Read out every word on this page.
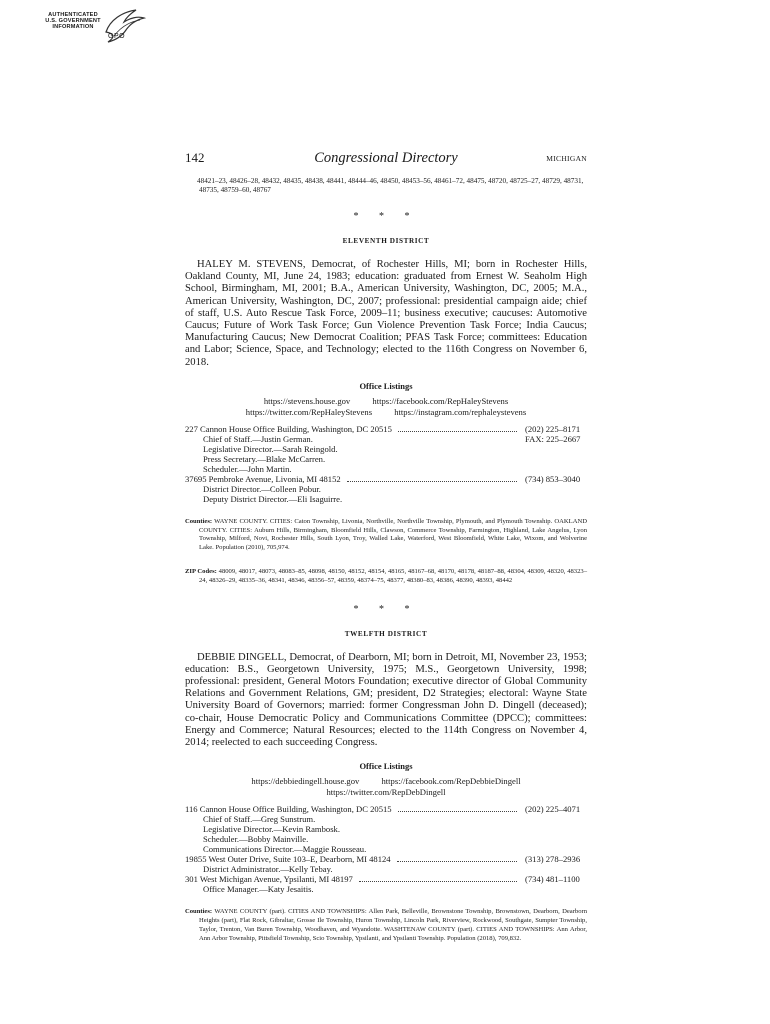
AUTHENTICATED
U.S. GOVERNMENT
INFORMATION
GPO
142	Congressional Directory	MICHIGAN
48421–23, 48426–28, 48432, 48435, 48438, 48441, 48444–46, 48450, 48453–56, 48461–72, 48475, 48720, 48725–27, 48729, 48731, 48735, 48759–60, 48767
* * *
ELEVENTH DISTRICT
HALEY M. STEVENS, Democrat, of Rochester Hills, MI; born in Rochester Hills, Oakland County, MI, June 24, 1983; education: graduated from Ernest W. Seaholm High School, Birmingham, MI, 2001; B.A., American University, Washington, DC, 2005; M.A., American University, Washington, DC, 2007; professional: presidential campaign aide; chief of staff, U.S. Auto Rescue Task Force, 2009–11; business executive; caucuses: Automotive Caucus; Future of Work Task Force; Gun Violence Prevention Task Force; India Caucus; Manufacturing Caucus; New Democrat Coalition; PFAS Task Force; committees: Education and Labor; Science, Space, and Technology; elected to the 116th Congress on November 6, 2018.
Office Listings
https://stevens.house.gov	https://facebook.com/RepHaleyStevens
https://twitter.com/RepHaleyStevens	https://instagram.com/rephaleystevens
227 Cannon House Office Building, Washington, DC 20515	(202) 225–8171
Chief of Staff.—Justin German.	FAX: 225–2667
Legislative Director.—Sarah Reingold.
Press Secretary.—Blake McCarren.
Scheduler.—John Martin.
37695 Pembroke Avenue, Livonia, MI 48152	(734) 853–3040
District Director.—Colleen Pobur.
Deputy District Director.—Eli Isaguirre.
Counties: WAYNE COUNTY. CITIES: Caton Township, Livonia, Northville, Northville Township, Plymouth, and Plymouth Township. OAKLAND COUNTY. CITIES: Auburn Hills, Birmingham, Bloomfield Hills, Clawson, Commerce Township, Farmington, Highland, Lake Angelus, Lyon Township, Milford, Novi, Rochester Hills, South Lyon, Troy, Walled Lake, Waterford, West Bloomfield, White Lake, Wixom, and Wolverine Lake. Population (2010), 705,974.
ZIP Codes: 48009, 48017, 48073, 48083–85, 48098, 48150, 48152, 48154, 48165, 48167–68, 48170, 48178, 48187–88, 48304, 48309, 48320, 48323–24, 48326–29, 48335–36, 48341, 48346, 48356–57, 48359, 48374–75, 48377, 48380–83, 48386, 48390, 48393, 48442
* * *
TWELFTH DISTRICT
DEBBIE DINGELL, Democrat, of Dearborn, MI; born in Detroit, MI, November 23, 1953; education: B.S., Georgetown University, 1975; M.S., Georgetown University, 1998; professional: president, General Motors Foundation; executive director of Global Community Relations and Government Relations, GM; president, D2 Strategies; electoral: Wayne State University Board of Governors; married: former Congressman John D. Dingell (deceased); co-chair, House Democratic Policy and Communications Committee (DPCC); committees: Energy and Commerce; Natural Resources; elected to the 114th Congress on November 4, 2014; reelected to each succeeding Congress.
Office Listings
https://debbiedingell.house.gov	https://facebook.com/RepDebbieDingell
https://twitter.com/RepDebDingell
116 Cannon House Office Building, Washington, DC 20515	(202) 225–4071
Chief of Staff.—Greg Sunstrum.
Legislative Director.—Kevin Rambosk.
Scheduler.—Bobby Mainville.
Communications Director.—Maggie Rousseau.
19855 West Outer Drive, Suite 103–E, Dearborn, MI 48124	(313) 278–2936
District Administrator.—Kelly Tebay.
301 West Michigan Avenue, Ypsilanti, MI 48197	(734) 481–1100
Office Manager.—Katy Jesaitis.
Counties: WAYNE COUNTY (part). CITIES AND TOWNSHIPS: Allen Park, Belleville, Brownstone Township, Brownstown, Dearborn, Dearborn Heights (part), Flat Rock, Gibraltar, Grosse Ile Township, Huron Township, Lincoln Park, Riverview, Rockwood, Southgate, Sumpter Township, Taylor, Trenton, Van Buren Township, Woodhaven, and Wyandotte. WASHTENAW COUNTY (part). CITIES AND TOWNSHIPS: Ann Arbor, Ann Arbor Township, Pittsfield Township, Scio Township, Ypsilanti, and Ypsilanti Township. Population (2018), 709,832.
